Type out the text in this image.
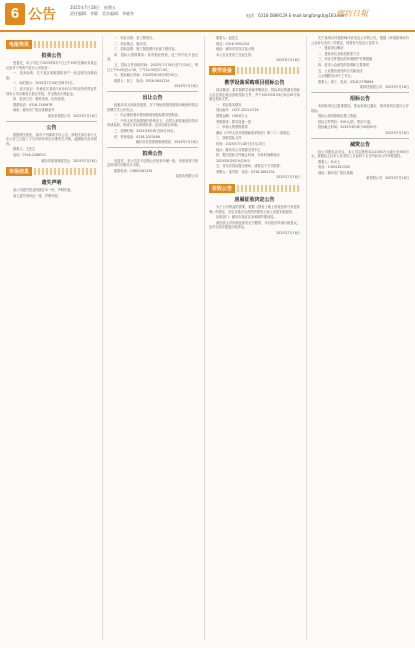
6 公告	2025年7月18日　星期五
责任编辑：李静　美术编辑：李晓冬	电话：0316-5889129 E-mail:langfangrb@163.com
廊坊日報
电报快讯
拍卖公告

受委托，本公司定于2025年8月7日上午10时在廊坊市某会议室对下列资产进行公开拍卖：

一、拍卖标的：位于某区某街道的房产一处及相关设施设备。

二、标的展示：2025年7月28日至8月5日。

三、竞买登记：有意竞买者请于8月6日17时前持有效证件到本公司办理竞买登记手续，并交纳竞买保证金。

四、拍卖方式：增价拍卖，价高者得。

联系电话：0316-2345678

地址：廊坊市广阳区某路某号

某拍卖有限公司　2025年7月18日
公告

根据相关规定，现对下列事项予以公告。请相关单位和个人在公告之日起三十日内到本单位办理有关手续，逾期视为自动放弃。

联系人：王先生

电话：0316-2266311

廊坊市某管理委员会　2025年7月18日
市场信息
遗失声明

某公司遗失营业执照正本一份，声明作废。

某人遗失身份证一张，声明作废。

一、项目名称：某工程项目。

二、项目地点：廊坊市。

三、招标范围：施工图范围内全部工程内容。

四、投标人资格要求：具有相应资质，近三年内无不良记录。

五、招标文件获取时间：2025年7月18日至7月24日，每日上午9:00至11:30，下午14:30至17:00。

六、投标截止时间：2025年8月8日9时30分。

联系人：张工　电话：0316-5891234

2025年7月18日
出让公告

经廊坊市人民政府批准，对下列地块国有建设用地使用权以挂牌方式公开出让。

一、出让地块基本情况和规划指标要求见附表。

二、中华人民共和国境内外的法人、自然人和其他组织均可申请参加，申请人可以单独申请，也可以联合申请。

三、挂牌时间：2025年8月8日至8月18日。

四、咨询电话：0316-2023456

廊坊市自然资源和规划局　2025年7月18日
拍卖公告

受委托，本公司定于近期公开拍卖车辆一批，有意者请于规定时间内办理竞买手续。

联系电话：13803161234

某拍卖有限公司

联系人：赵先生

电话：0316-5551234

地址：廊坊市安次区某大街

本公告自发布之日起生效。

2025年7月18日
教学设备
教学设备采购项目招标公告

项目概况：某学校教学设备采购项目，招标项目的潜在投标人应在指定地点获取招标文件，并于2025年8月8日9点30分前递交投标文件。

一、项目基本情况

项目编号：LFZC-2025-0718

预算金额：156.8万元

采购需求：教学设备一批

二、申请人的资格要求

满足《中华人民共和国政府采购法》第二十二条规定。

三、获取招标文件

时间：2025年7月18日至7月25日

地点：廊坊市公共资源交易中心

四、提交投标文件截止时间、开标时间和地点

2025年8月8日9点30分

五、对本次招标提出询问，请按以下方式联系：

采购人：某学校　电话：0316-2661234

2025年7月18日
征收公告
房屋征收决定公告

为了公共利益的需要，根据《国有土地上房屋征收与补偿条例》的规定，决定对某片区范围内国有土地上房屋实施征收。

征收部门：廊坊市某区住房和城乡建设局。

被征收人对房屋征收决定不服的，可以依法申请行政复议，也可以依法提起行政诉讼。

2025年7月18日

关于某项目环境影响评价信息公开的公告，根据《环境影响评价公众参与办法》的规定，现将有关信息公告如下。

一、建设项目概况

二、建设单位名称及联系方式

三、环评文件提出的环境保护对策措施

四、征求公众意见的范围和主要事项

五、公众提出意见的方式和途径

公示期限为10个工作日。

联系人：刘工　电话：0316-2778899

某科技有限公司　2025年7月18日
招标公告

本招标项目已批准建设，资金来源已落实，现对该项目进行公开招标。

投标人须具备相应施工资质。

招标文件售价：500元/套，售后不退。

投标截止时间：2025年8月8日10时00分。

2025年7月18日
减资公告

经公司股东会决议，本公司注册资本由1000万元减少至500万元。请债权人自本公告发布之日起四十五日内向本公司申报债权。

联系人：孙女士

电话：13931612345

地址：廊坊市广阳区某路

某有限公司　2025年7月18日
